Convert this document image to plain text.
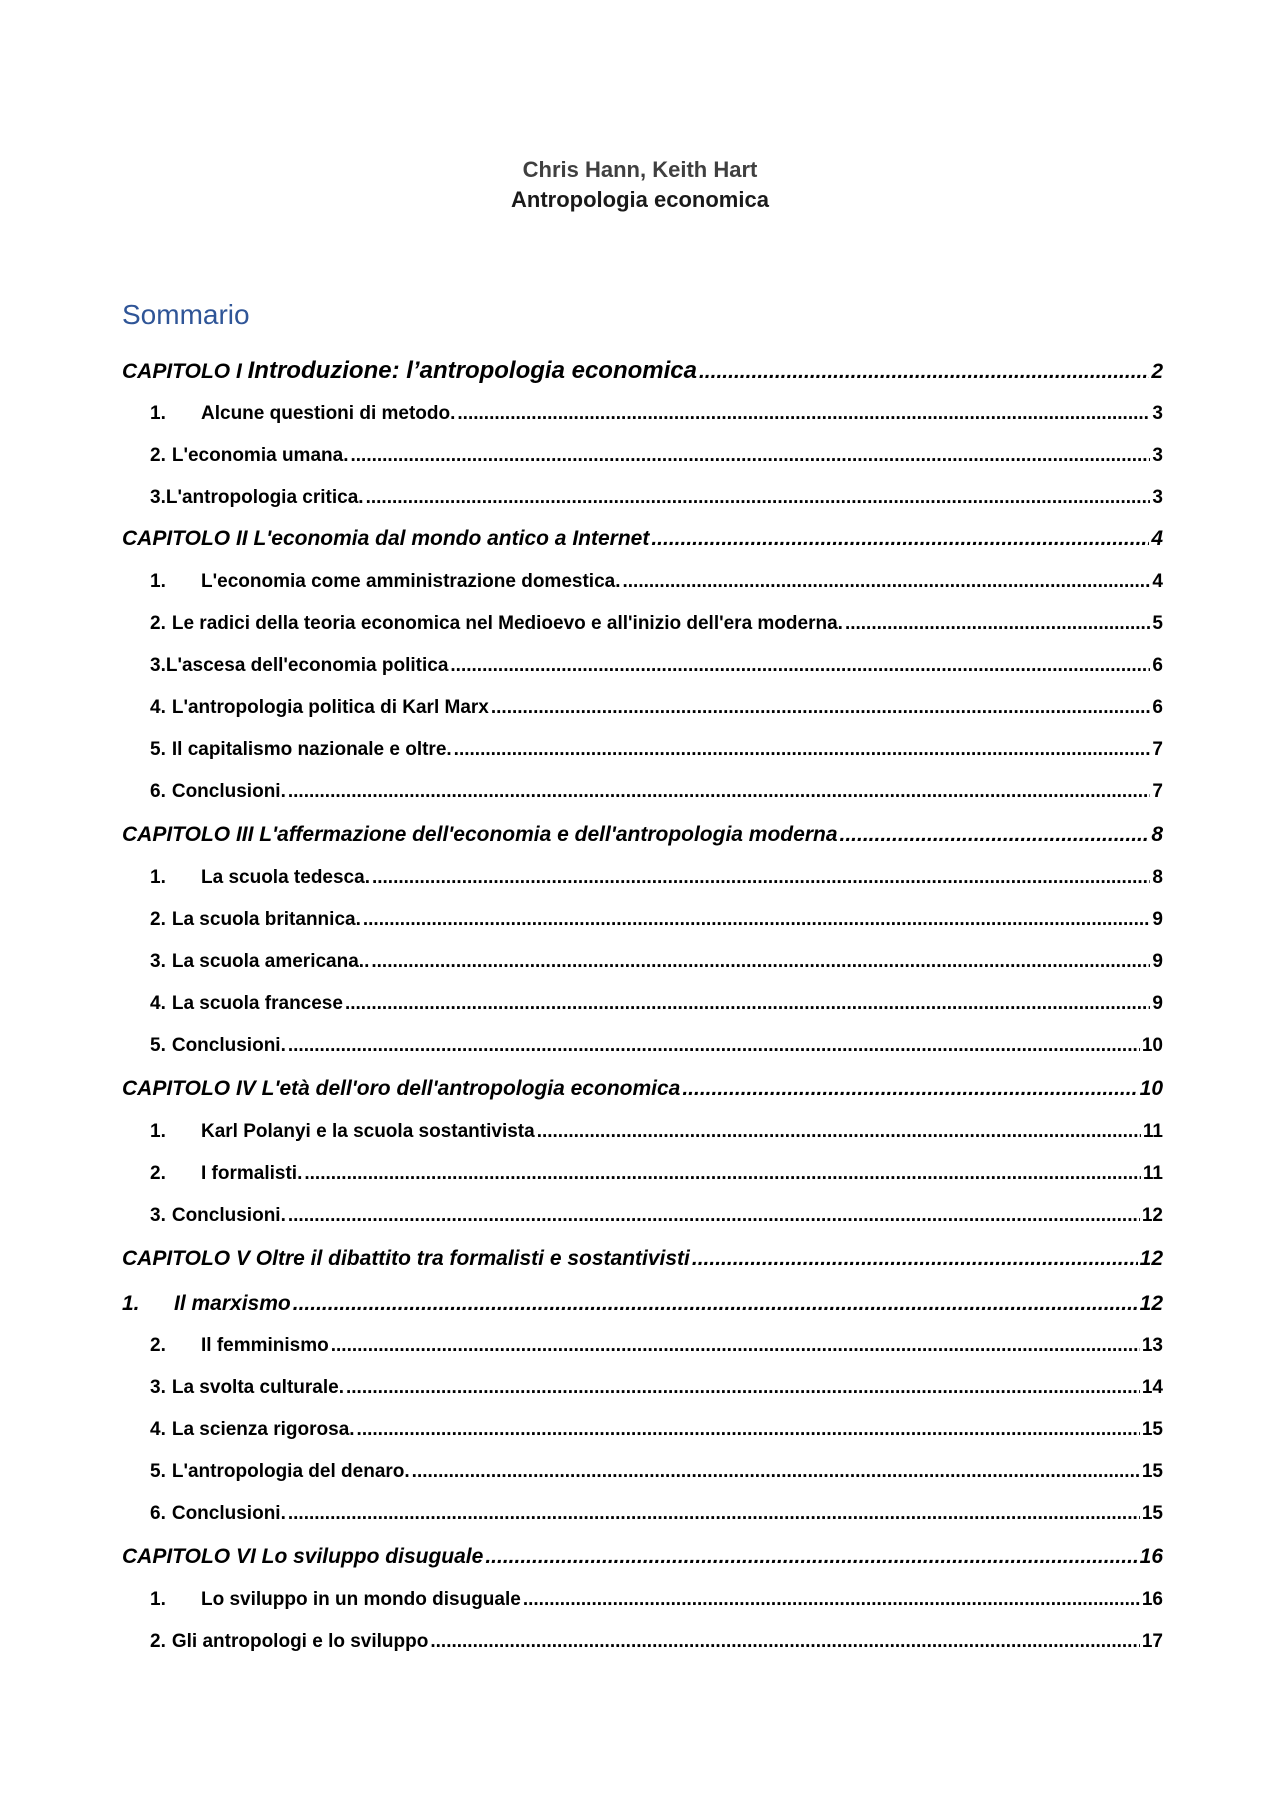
Chris Hann, Keith Hart
Antropologia economica
Sommario
CAPITOLO I Introduzione: l’antropologia economica .....	2
1.	Alcune questioni di metodo. .....	3
2. L'economia umana. .....	3
3. L'antropologia critica. .....	3
CAPITOLO II L'economia dal mondo antico a Internet .....	4
1.	L'economia come amministrazione domestica. .....	4
2. Le radici della teoria economica nel Medioevo e all'inizio dell'era moderna. .....	5
3. L'ascesa dell'economia politica .....	6
4. L'antropologia politica di Karl Marx .....	6
5. Il capitalismo nazionale e oltre. .....	7
6. Conclusioni. .....	7
CAPITOLO III L'affermazione dell'economia e dell'antropologia moderna .....	8
1.	La scuola tedesca. .....	8
2. La scuola britannica. .....	9
3. La scuola americana.. .....	9
4. La scuola francese .....	9
5. Conclusioni. .....	10
CAPITOLO IV L'età dell'oro dell'antropologia economica .....	10
1.	Karl Polanyi e la scuola sostantivista .....	11
2.	I formalisti. .....	11
3. Conclusioni. .....	12
CAPITOLO V Oltre il dibattito tra formalisti e sostantivisti .....	12
1.	Il marxismo .....	12
2.	Il femminismo .....	13
3. La svolta culturale. .....	14
4. La scienza rigorosa. .....	15
5. L'antropologia del denaro. .....	15
6. Conclusioni. .....	15
CAPITOLO VI Lo sviluppo disuguale .....	16
1.	Lo sviluppo in un mondo disuguale .....	16
2. Gli antropologi e lo sviluppo .....	17
